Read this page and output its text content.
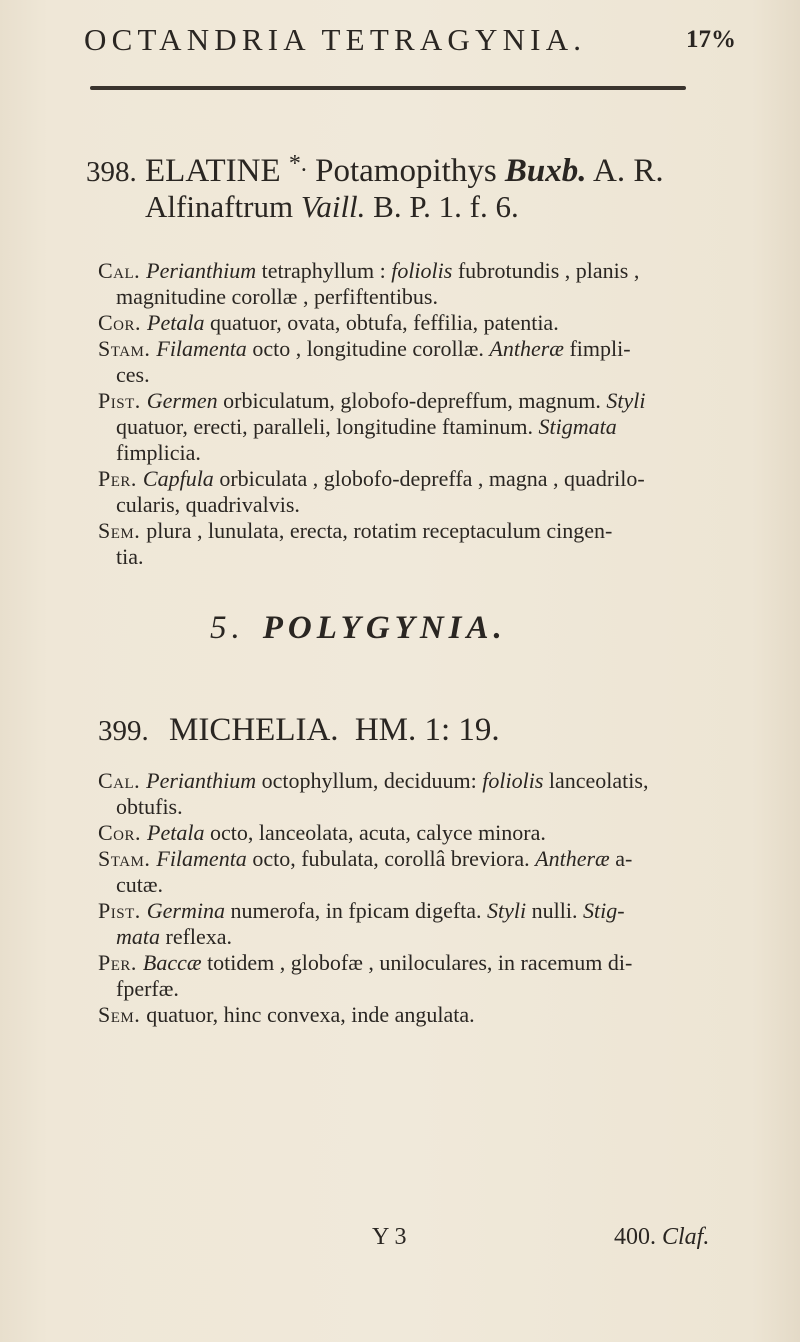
OCTANDRIA TETRAGYNIA.	17%
398. ELATINE *. Potamopithys Buxb. A. R.
Alfinaftrum Vaill. B. P. 1. f. 6.
Cal. Perianthium tetraphyllum : foliolis fubrotundis , planis ,
magnitudine corollæ , perfiftentibus.
Cor. Petala quatuor, ovata, obtufa, feffilia, patentia.
Stam. Filamenta octo , longitudine corollæ. Antheræ fimpli-
ces.
Pist. Germen orbiculatum, globofo-depreffum, magnum. Styli
quatuor, erecti, paralleli, longitudine ftaminum. Stigmata
fimplicia.
Per. Capfula orbiculata , globofo-depreffa , magna , quadrilo-
cularis, quadrivalvis.
Sem. plura , lunulata, erecta, rotatim receptaculum cingen-
tia.
5. POLYGYNIA.
399. MICHELIA. HM. 1: 19.
Cal. Perianthium octophyllum, deciduum: foliolis lanceolatis,
obtufis.
Cor. Petala octo, lanceolata, acuta, calyce minora.
Stam. Filamenta octo, fubulata, corollâ breviora. Antheræ a-
cutæ.
Pist. Germina numerofa, in fpicam digefta. Styli nulli. Stig-
mata reflexa.
Per. Baccæ totidem , globofæ , uniloculares, in racemum di-
fperfæ.
Sem. quatuor, hinc convexa, inde angulata.
Y 3	400. Claf.
